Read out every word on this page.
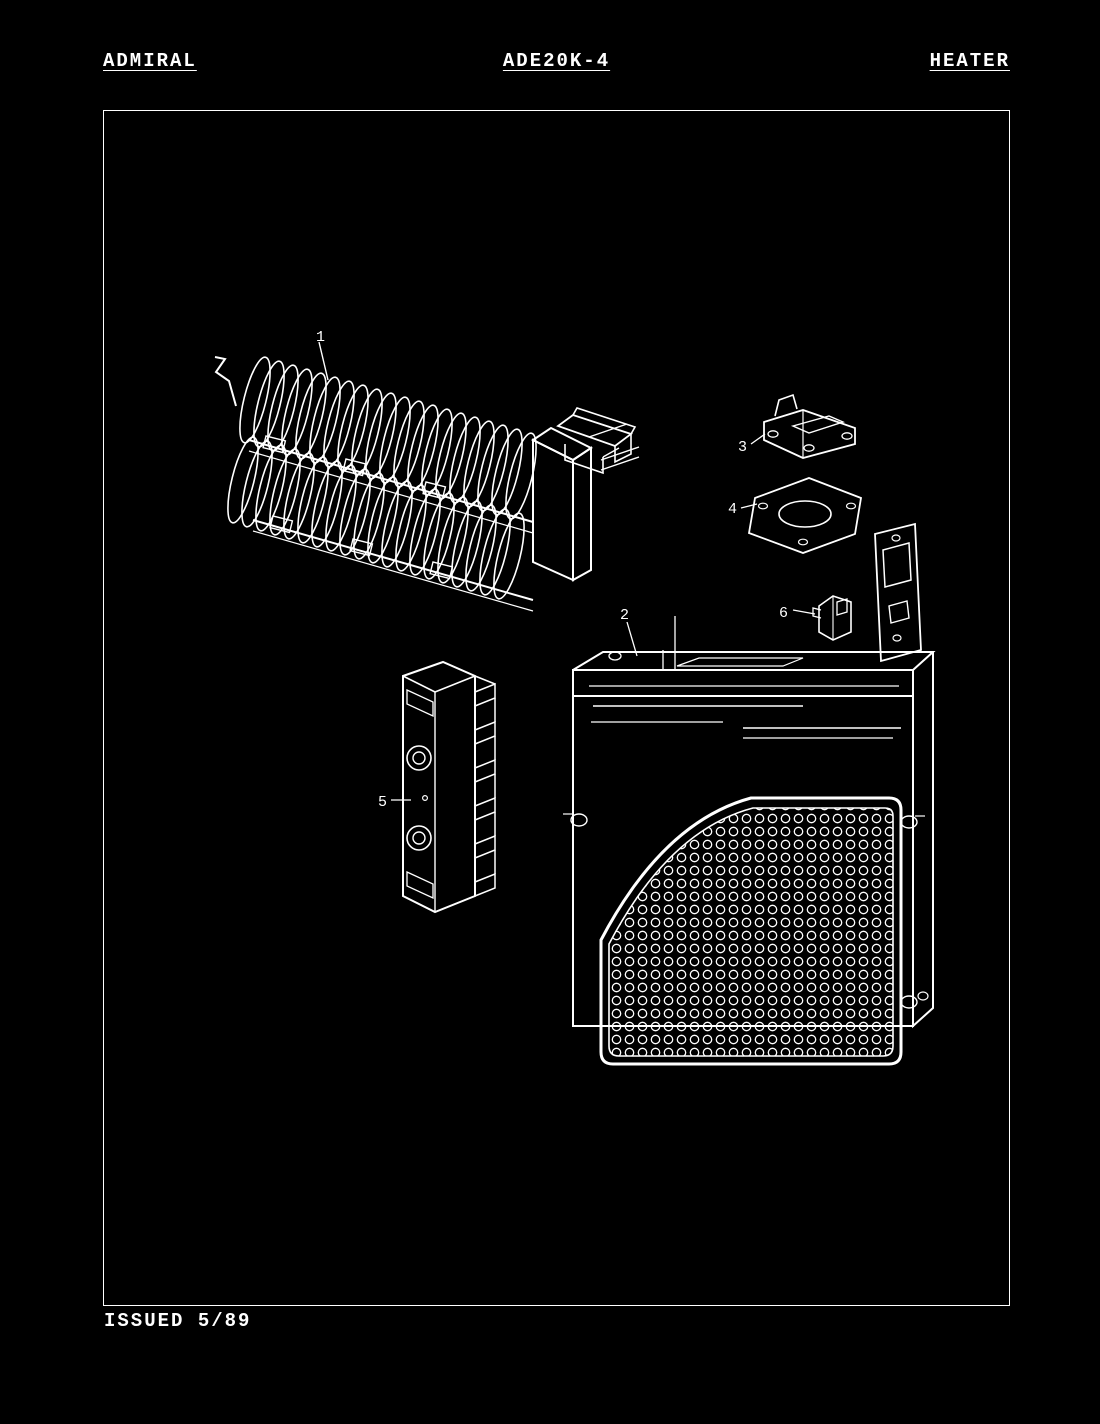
ADMIRAL	ADE20K-4	HEATER
1
2
3
4
5
6
ISSUED 5/89
